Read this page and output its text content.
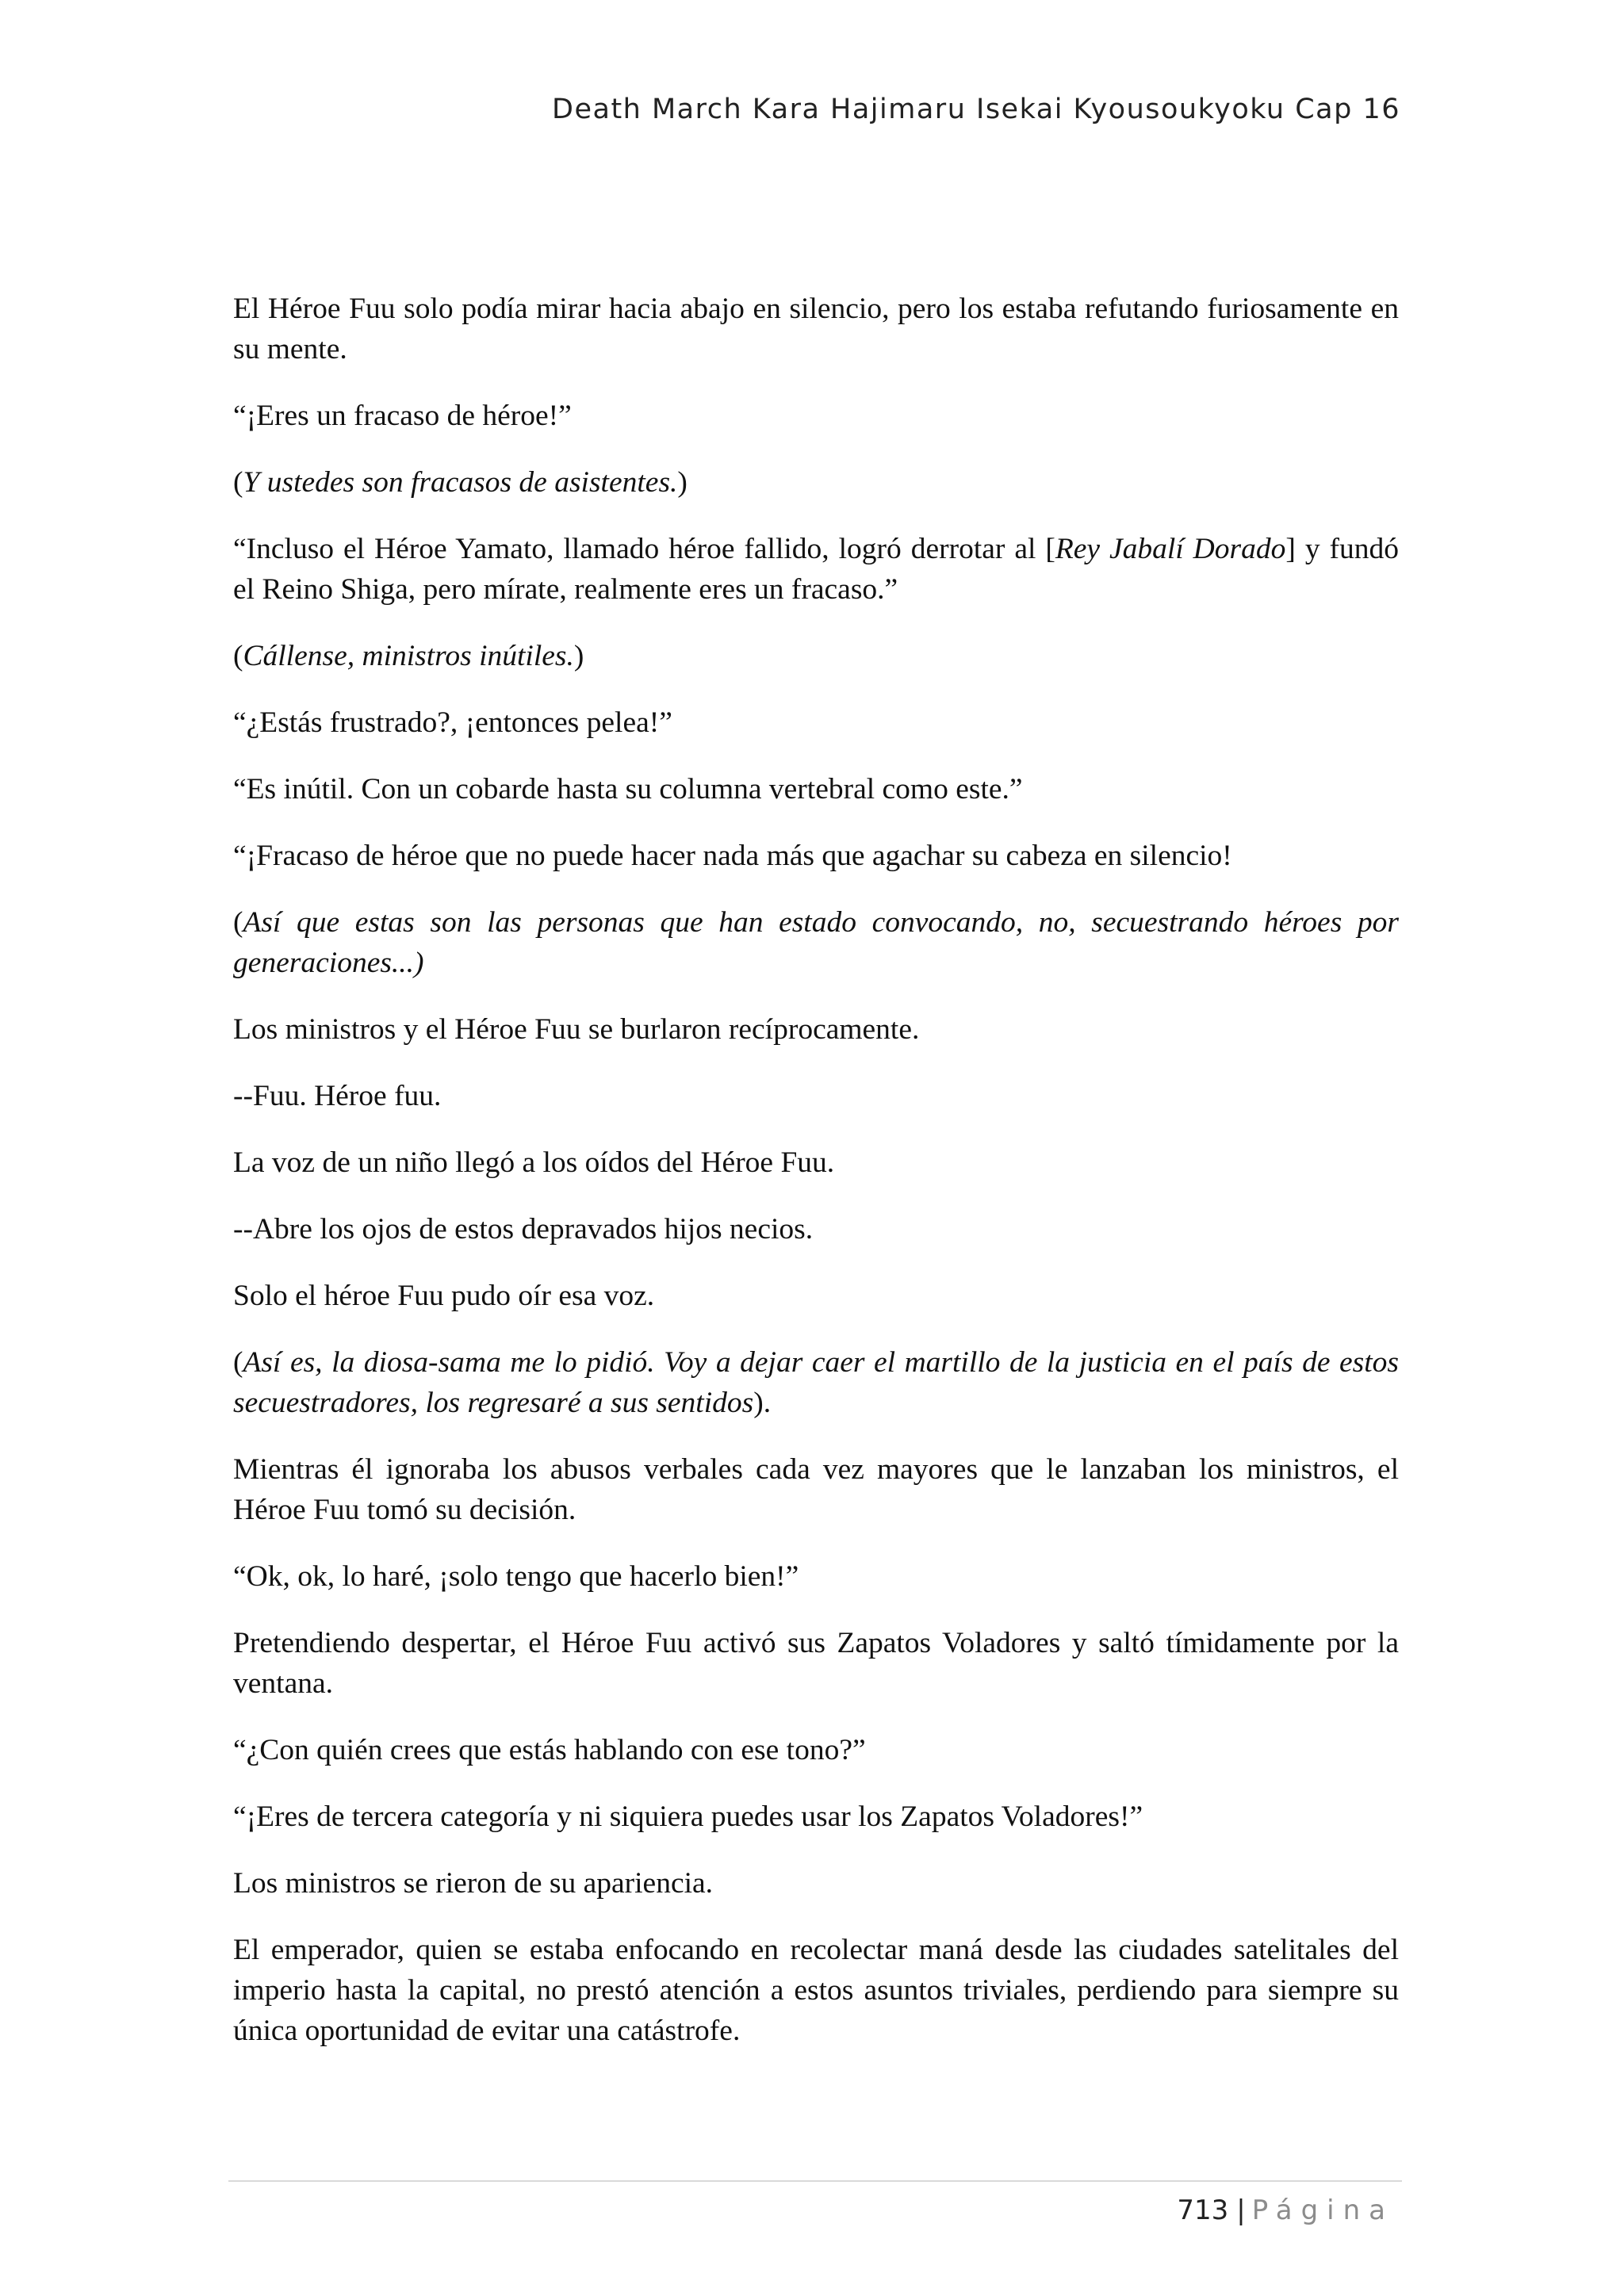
Death March Kara Hajimaru Isekai Kyousoukyoku Cap 16

El Héroe Fuu solo podía mirar hacia abajo en silencio, pero los estaba refutando furiosamente en su mente.

“¡Eres un fracaso de héroe!”

(Y ustedes son fracasos de asistentes.)

“Incluso el Héroe Yamato, llamado héroe fallido, logró derrotar al [Rey Jabalí Dorado] y fundó el Reino Shiga, pero mírate, realmente eres un fracaso.”

(Cállense, ministros inútiles.)

“¿Estás frustrado?, ¡entonces pelea!”

“Es inútil. Con un cobarde hasta su columna vertebral como este.”

“¡Fracaso de héroe que no puede hacer nada más que agachar su cabeza en silencio!

(Así que estas son las personas que han estado convocando, no, secuestrando héroes por generaciones...)

Los ministros y el Héroe Fuu se burlaron recíprocamente.

--Fuu. Héroe fuu.

La voz de un niño llegó a los oídos del Héroe Fuu.

--Abre los ojos de estos depravados hijos necios.

Solo el héroe Fuu pudo oír esa voz.

(Así es, la diosa-sama me lo pidió. Voy a dejar caer el martillo de la justicia en el país de estos secuestradores, los regresaré a sus sentidos).

Mientras él ignoraba los abusos verbales cada vez mayores que le lanzaban los ministros, el Héroe Fuu tomó su decisión.

“Ok, ok, lo haré, ¡solo tengo que hacerlo bien!”

Pretendiendo despertar, el Héroe Fuu activó sus Zapatos Voladores y saltó tímidamente por la ventana.

“¿Con quién crees que estás hablando con ese tono?”

“¡Eres de tercera categoría y ni siquiera puedes usar los Zapatos Voladores!”

Los ministros se rieron de su apariencia.

El emperador, quien se estaba enfocando en recolectar maná desde las ciudades satelitales del imperio hasta la capital, no prestó atención a estos asuntos triviales, perdiendo para siempre su única oportunidad de evitar una catástrofe.

713 | Página
